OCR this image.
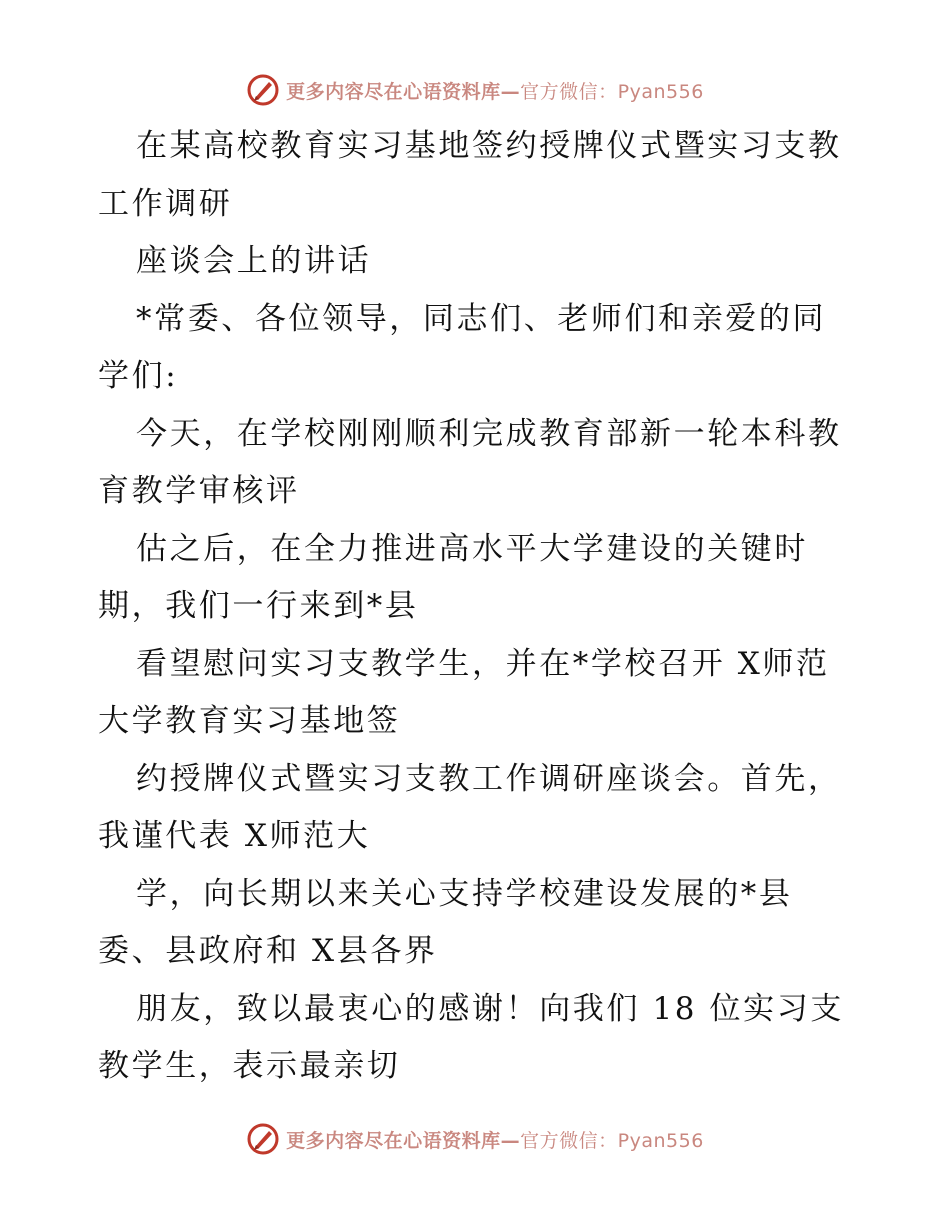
更多内容尽在心语资料库—官方微信：Pyan556
在某高校教育实习基地签约授牌仪式暨实习支教
工作调研
座谈会上的讲话
*常委、各位领导，同志们、老师们和亲爱的同
学们:
今天，在学校刚刚顺利完成教育部新一轮本科教
育教学审核评
估之后，在全力推进高水平大学建设的关键时
期，我们一行来到*县
看望慰问实习支教学生，并在*学校召开 X师范
大学教育实习基地签
约授牌仪式暨实习支教工作调研座谈会。首先，
我谨代表 X师范大
学，向长期以来关心支持学校建设发展的*县
委、县政府和 X县各界
朋友，致以最衷心的感谢！向我们 18 位实习支
教学生，表示最亲切
更多内容尽在心语资料库—官方微信：Pyan556
